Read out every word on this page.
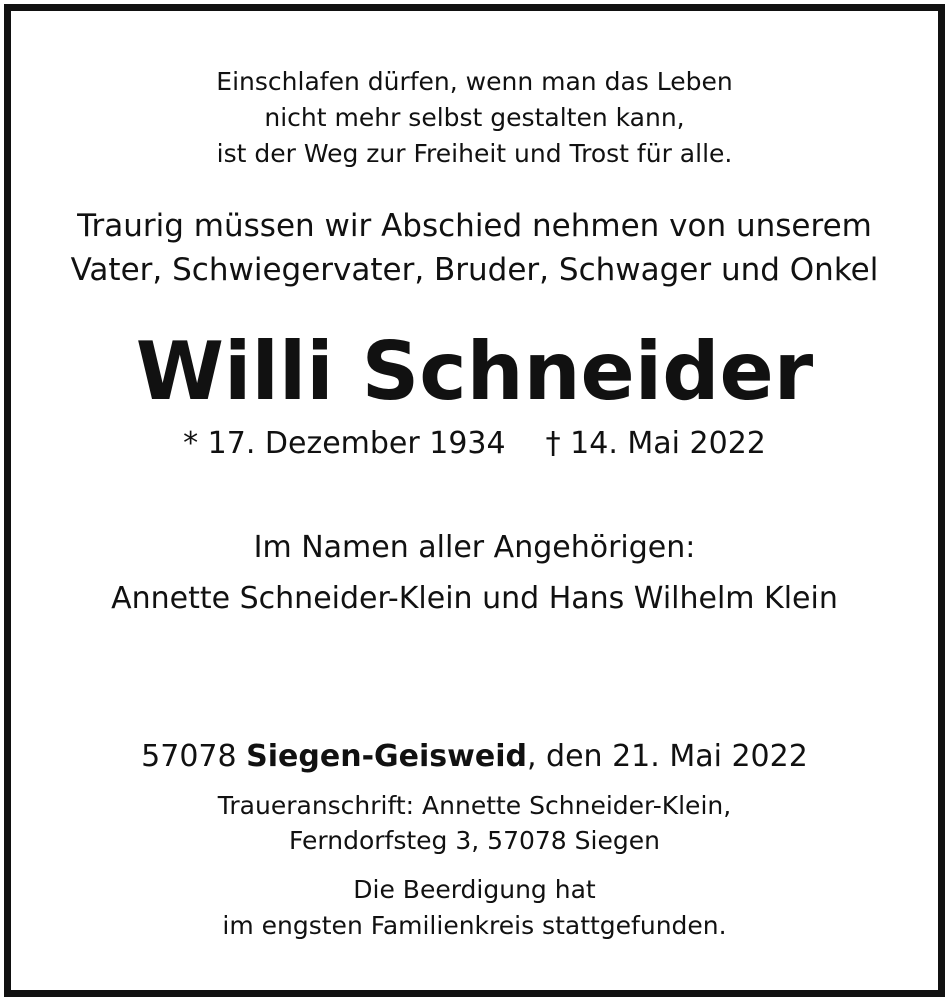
Einschlafen dürfen, wenn man das Leben
nicht mehr selbst gestalten kann,
ist der Weg zur Freiheit und Trost für alle.
Traurig müssen wir Abschied nehmen von unserem
Vater, Schwiegervater, Bruder, Schwager und Onkel
Willi Schneider
* 17. Dezember 1934 † 14. Mai 2022
Im Namen aller Angehörigen:
Annette Schneider-Klein und Hans Wilhelm Klein
57078 Siegen-Geisweid, den 21. Mai 2022
Traueranschrift: Annette Schneider-Klein,
Ferndorfsteg 3, 57078 Siegen
Die Beerdigung hat
im engsten Familienkreis stattgefunden.
